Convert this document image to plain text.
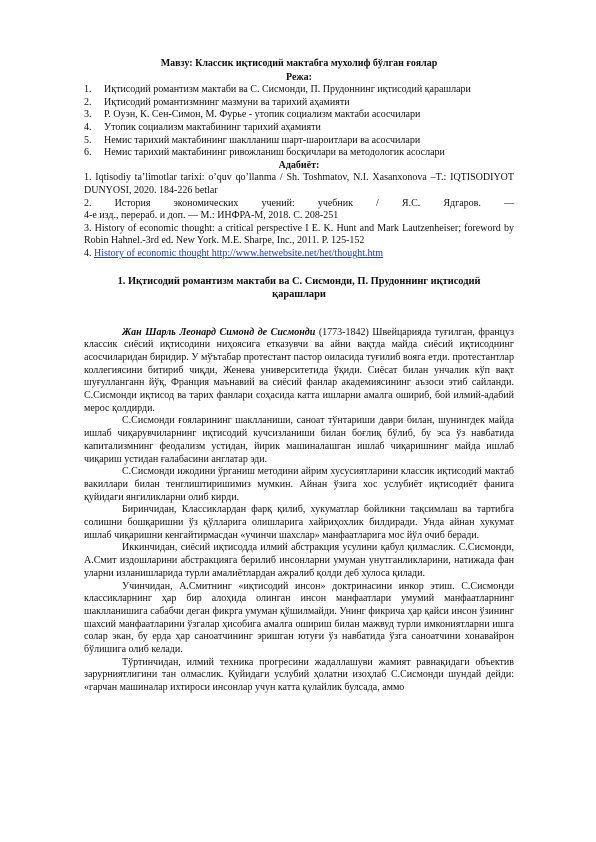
Мавзу: Классик иқтисодий мактабга мухолиф бўлган ғоялар
Режа:
1.	Иқтисодий романтизм мактаби ва С. Сисмонди, П. Прудоннинг иқтисодий қарашлари
2.	Иқтисодий романтизмнинг мазмуни ва тарихий аҳамияти
3.	Р. Оуэн, К. Сен-Симон, М. Фурье - утопик социализм мактаби асосчилари
4.	Утопик социализм мактабининг тарихий аҳамияти
5.	Немис тарихий мактабининг шаклланиш шарт-шароитлари ва асосчилари
6.	Немис тарихий мактабининг ривожланиш босқичлари ва методологик асослари
Адабиёт:

1. Iqtisodiy ta’limotlar tarixi: o’quv qo’llanma / Sh. Toshmatov, N.I. Xasanxonova –T.: IQTISODIYOT DUNYOSI, 2020. 184-226 betlar

2. История экономических учений: учебник / Я.С. Ядгаров. —

4-е изд., перераб. и доп. — М.: ИНФРА-М, 2018. С. 208-251

3. History of economic thought: a critical perspective I E. K. Hunt and Mark Lautzenheiser; foreword by Robin Hahnel.-3rd ed. New York. M.E. Sharpe, Inc., 2011. P. 125-152

4. History of economic thought http://www.hetwebsite.net/het/thought.htm

1. Иқтисодий романтизм мактаби ва С. Сисмонди, П. Прудоннинг иқтисодий қарашлари

Жан Шарль Леонард Симонд де Сисмонди (1773-1842) Швейцарияда туғилган, француз классик сиёсий иқтисодини ниҳоясига етказувчи ва айни вақтда майда сиёсий иқтисоднинг асосчиларидан биридир. У мўътабар протестант пастор оиласида туғилиб вояга етди. протестантлар коллегиясини битириб чиқди, Женева университетида ўқиди. Сиёсат билан унчалик кўп вақт шуғулланганн йўқ, Франция маънавий ва сиёсий фанлар академиясининг аъзоси этиб сайланди. С.Сисмонди иқтисод ва тарих фанлари соҳасида катта ишларни амалга ошириб, бой илмий-адабий мерос қолдирди.

С.Сисмонди ғояларининг шаклланиши, саноат тўнтариши даври билан, шунингдек майда ишлаб чиқарувчиларнинг иқтисодий кучсизланиши билан боғлиқ бўлиб, бу эса ўз навбатида капитализмнинг феодализм устидан, йирик машиналашган ишлаб чиқаришнинг майда ишлаб чиқариш устидан ғалабасини англатар эди.

С.Сисмонди ижодини ўрганиш методини айрим хусусиятларини классик иқтисодий мактаб вакиллари билан тенглиштиришимиз мумкин. Айнан ўзига хос услубиёт иқтисодиёт фанига қуйидаги янгиликларни олиб кирди.

Биринчидан, Классиклардан фарқ қилиб, хукуматлар бойликни тақсимлаш ва тартибга солишни бошқаришни ўз қўлларига олишларига хайриҳохлик билдиради. Унда айнан хукумат ишлаб чиқаришни кенгайтирмасдан «учинчи шахслар» манфаатларига мос йўл очиб беради.

Иккинчидан, сиёсий иқтисодда илмий абстракция усулини қабул қилмаслик. С.Сисмонди, А.Смит издошларини абстракцияга берилиб инсонларни умуман унутганликларини, натижада фан уларни изланишларида турли амалиётлардан ажралиб қолди деб хулоса қилади.

Учинчидан, А.Смитнинг «иқтисодий инсон» доктринасини инкор этиш. С.Сисмонди классикларнинг ҳар бир алоҳида олинган инсон манфаатлари умумий манфаатларнинг шаклланишига сабабчи деган фикрга умуман қўшилмайди. Унинг фикрича ҳар қайси инсон ўзининг шахсий манфаатларини ўзгалар ҳисобига амалга ошириш билан мажвуд турли имкониятларни ишга солар экан, бу ерда ҳар саноатчининг эришган ютуғи ўз навбатида ўзга саноатчини хонавайрон бўлишига олиб келади.

Тўртинчидан, илмий техника прогресини жадаллашуви жамият равнақидаги объектив зарурниятлигини тан олмаслик. Қуйидаги услубий ҳолатни изоҳлаб С.Сисмонди шундай дейди: «гарчан машиналар ихтироси инсонлар учун катта қулайлик булсада, аммо
